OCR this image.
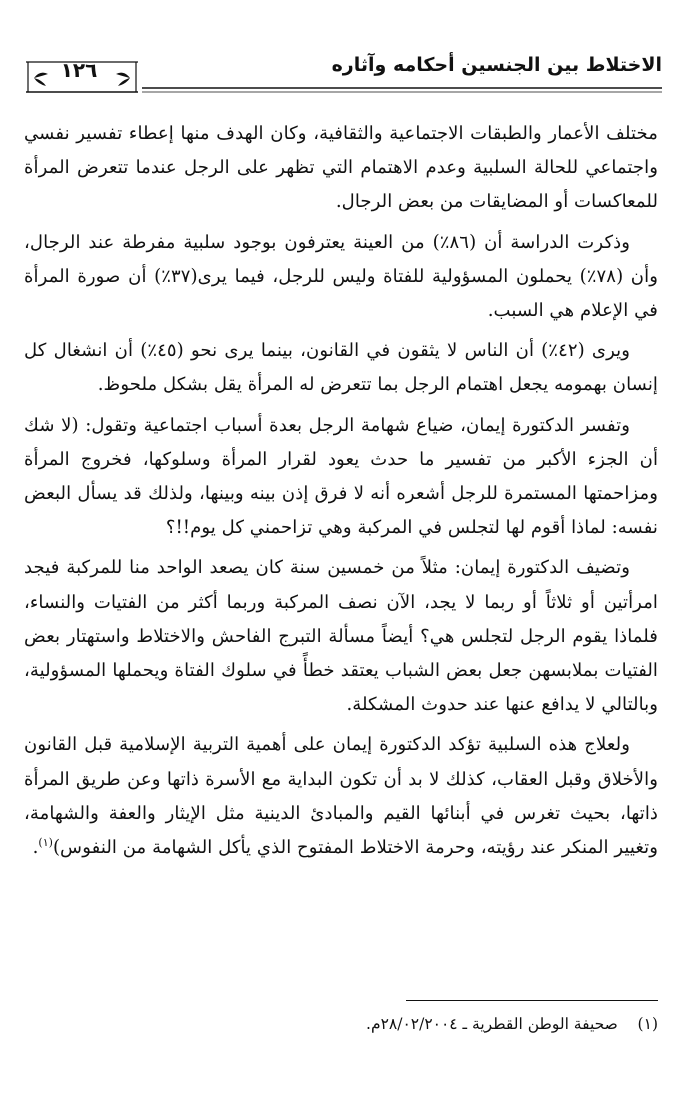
١٢٦	الاختلاط بين الجنسين أحكامه وآثاره

مختلف الأعمار والطبقات الاجتماعية والثقافية، وكان الهدف منها إعطاء تفسير نفسي واجتماعي للحالة السلبية وعدم الاهتمام التي تظهر على الرجل عندما تتعرض المرأة للمعاكسات أو المضايقات من بعض الرجال.

وذكرت الدراسة أن (٨٦٪) من العينة يعترفون بوجود سلبية مفرطة عند الرجال، وأن (٧٨٪) يحملون المسؤولية للفتاة وليس للرجل، فيما يرى(٣٧٪) أن صورة المرأة في الإعلام هي السبب.

ويرى (٤٢٪) أن الناس لا يثقون في القانون، بينما يرى نحو (٤٥٪) أن انشغال كل إنسان بهمومه يجعل اهتمام الرجل بما تتعرض له المرأة يقل بشكل ملحوظ.

وتفسر الدكتورة إيمان، ضياع شهامة الرجل بعدة أسباب اجتماعية وتقول: (لا شك أن الجزء الأكبر من تفسير ما حدث يعود لقرار المرأة وسلوكها، فخروج المرأة ومزاحمتها المستمرة للرجل أشعره أنه لا فرق إذن بينه وبينها، ولذلك قد يسأل البعض نفسه: لماذا أقوم لها لتجلس في المركبة وهي تزاحمني كل يوم!!؟

وتضيف الدكتورة إيمان: مثلاً من خمسين سنة كان يصعد الواحد منا للمركبة فيجد امرأتين أو ثلاثاً أو ربما لا يجد، الآن نصف المركبة وربما أكثر من الفتيات والنساء، فلماذا يقوم الرجل لتجلس هي؟ أيضاً مسألة التبرج الفاحش والاختلاط واستهتار بعض الفتيات بملابسهن جعل بعض الشباب يعتقد خطأً في سلوك الفتاة ويحملها المسؤولية، وبالتالي لا يدافع عنها عند حدوث المشكلة.

ولعلاج هذه السلبية تؤكد الدكتورة إيمان على أهمية التربية الإسلامية قبل القانون والأخلاق وقبل العقاب، كذلك لا بد أن تكون البداية مع الأسرة ذاتها وعن طريق المرأة ذاتها، بحيث تغرس في أبنائها القيم والمبادئ الدينية مثل الإيثار والعفة والشهامة، وتغيير المنكر عند رؤيته، وحرمة الاختلاط المفتوح الذي يأكل الشهامة من النفوس)$^{(١)}$.

(١)    صحيفة الوطن القطرية ـ ٢٨/٠٢/٢٠٠٤م.
